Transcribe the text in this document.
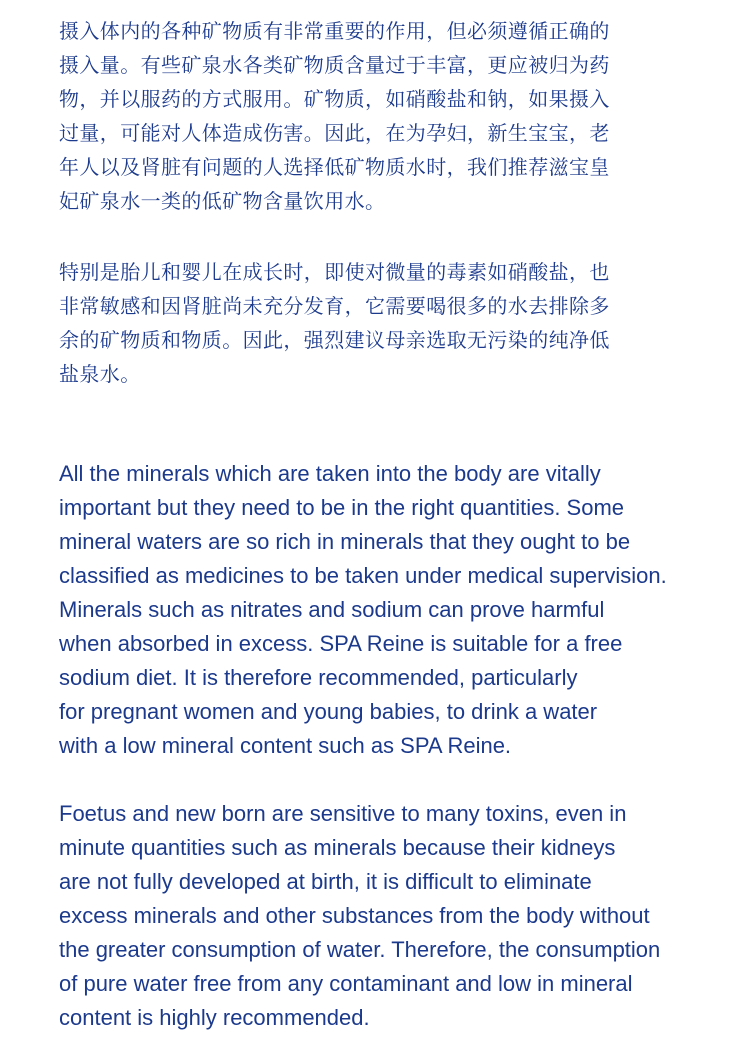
摄入体内的各种矿物质有非常重要的作用，但必须遵循正确的
摄入量。有些矿泉水各类矿物质含量过于丰富，更应被归为药
物，并以服药的方式服用。矿物质，如硝酸盐和钠，如果摄入
过量，可能对人体造成伤害。因此，在为孕妇，新生宝宝，老
年人以及肾脏有问题的人选择低矿物质水时，我们推荐滋宝皇
妃矿泉水一类的低矿物含量饮用水。
特别是胎儿和婴儿在成长时，即使对微量的毒素如硝酸盐，也
非常敏感和因肾脏尚未充分发育，它需要喝很多的水去排除多
余的矿物质和物质。因此，强烈建议母亲选取无污染的纯净低
盐泉水。
All the minerals which are taken into the body are vitally
important but they need to be in the right quantities. Some
mineral waters are so rich in minerals that they ought to be
classified as medicines to be taken under medical supervision.
Minerals such as nitrates and sodium can prove harmful
when absorbed in excess. SPA Reine is suitable for a free
sodium diet. It is therefore recommended, particularly
for pregnant women and young babies, to drink a water
with a low mineral content such as SPA Reine.
Foetus and new born are sensitive to many toxins, even in
minute quantities such as minerals because their kidneys
are not fully developed at birth, it is difficult to eliminate
excess minerals and other substances from the body without
the greater consumption of water. Therefore, the consumption
of pure water free from any contaminant and low in mineral
content is highly recommended.
